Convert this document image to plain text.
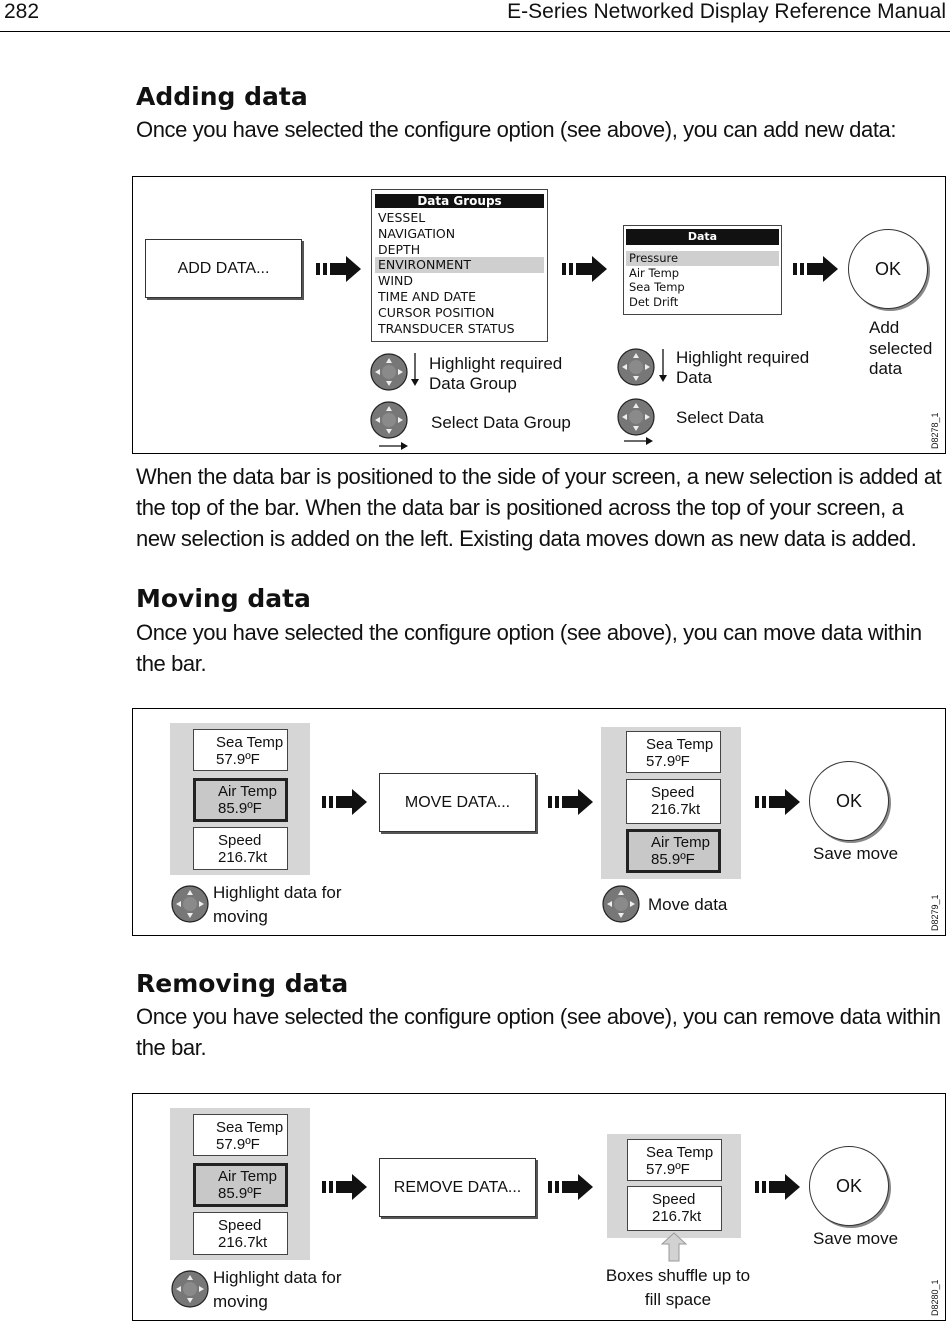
282	E-Series Networked Display Reference Manual
Adding data
Once you have selected the configure option (see above), you can add new data:
ADD DATA...
Data Groups
VESSEL
NAVIGATION
DEPTH
ENVIRONMENT
WIND
TIME AND DATE
CURSOR POSITION
TRANSDUCER STATUS
Data
Pressure
Air Temp
Sea Temp
Det Drift
OK
Add selected data
Highlight required Data Group
Select Data Group
Highlight required Data
Select Data	D8278_1
When the data bar is positioned to the side of your screen, a new selection is added at the top of the bar. When the data bar is positioned across the top of your screen, a new selection is added on the left. Existing data moves down as new data is added.
Moving data
Once you have selected the configure option (see above), you can move data within the bar.
Sea Temp
57.9ºF
Air Temp
85.9ºF
Speed
216.7kt
MOVE DATA...
Sea Temp
57.9ºF
Speed
216.7kt
Air Temp
85.9ºF
OK
Save move
Highlight data for moving
Move data	D8279_1
Removing data
Once you have selected the configure option (see above), you can remove data within the bar.
Sea Temp
57.9ºF
Air Temp
85.9ºF
Speed
216.7kt
REMOVE DATA...
Sea Temp
57.9ºF
Speed
216.7kt
Boxes shuffle up to fill space
OK
Save move
Highlight data for moving	D8280_1
